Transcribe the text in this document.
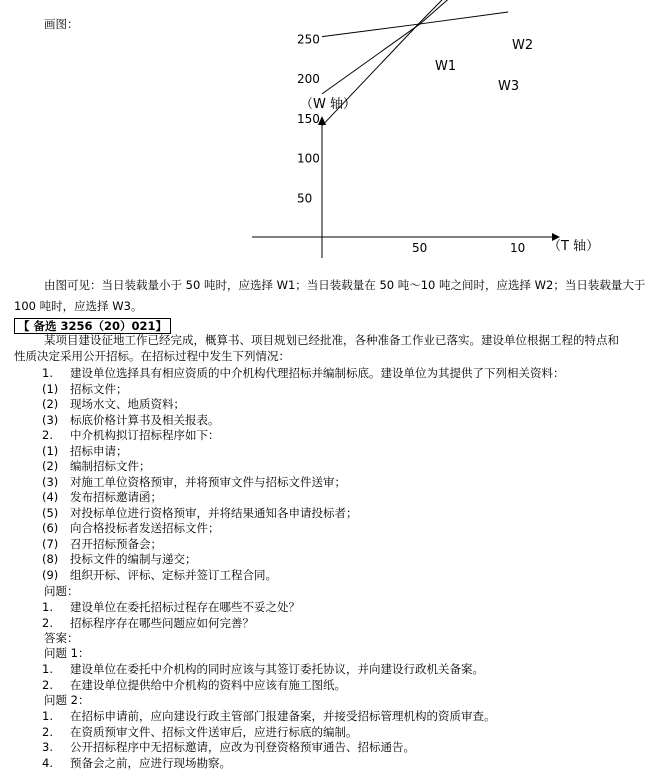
画图：
（W 轴）
（T 轴）
250
200
150
100
50
50	10
W1
W2
W3
由图可见：当日装载量小于 50 吨时，应选择 W1；当日装载量在 50 吨～10 吨之间时，应选择 W2；当日装载量大于
100 吨时，应选择 W3。
【 备选 3256（20）021】
某项目建设征地工作已经完成，概算书、项目规划已经批准，各种准备工作业已落实。建设单位根据工程的特点和
性质决定采用公开招标。在招标过程中发生下列情况：
1. 建设单位选择具有相应资质的中介机构代理招标并编制标底。建设单位为其提供了下列相关资料：
(1) 招标文件；
(2) 现场水文、地质资料；
(3) 标底价格计算书及相关报表。
2. 中介机构拟订招标程序如下：
(1) 招标申请；
(2) 编制招标文件；
(3) 对施工单位资格预审，并将预审文件与招标文件送审；
(4) 发布招标邀请函；
(5) 对投标单位进行资格预审，并将结果通知各申请投标者；
(6) 向合格投标者发送招标文件；
(7) 召开招标预备会；
(8) 投标文件的编制与递交；
(9) 组织开标、评标、定标并签订工程合同。
问题：
1. 建设单位在委托招标过程存在哪些不妥之处？
2. 招标程序存在哪些问题应如何完善？
答案：
问题 1：
1. 建设单位在委托中介机构的同时应该与其签订委托协议，并向建设行政机关备案。
2. 在建设单位提供给中介机构的资料中应该有施工图纸。
问题 2：
1. 在招标申请前，应向建设行政主管部门报建备案，并接受招标管理机构的资质审查。
2. 在资质预审文件、招标文件送审后，应进行标底的编制。
3. 公开招标程序中无招标邀请，应改为刊登资格预审通告、招标通告。
4. 预备会之前，应进行现场勘察。
